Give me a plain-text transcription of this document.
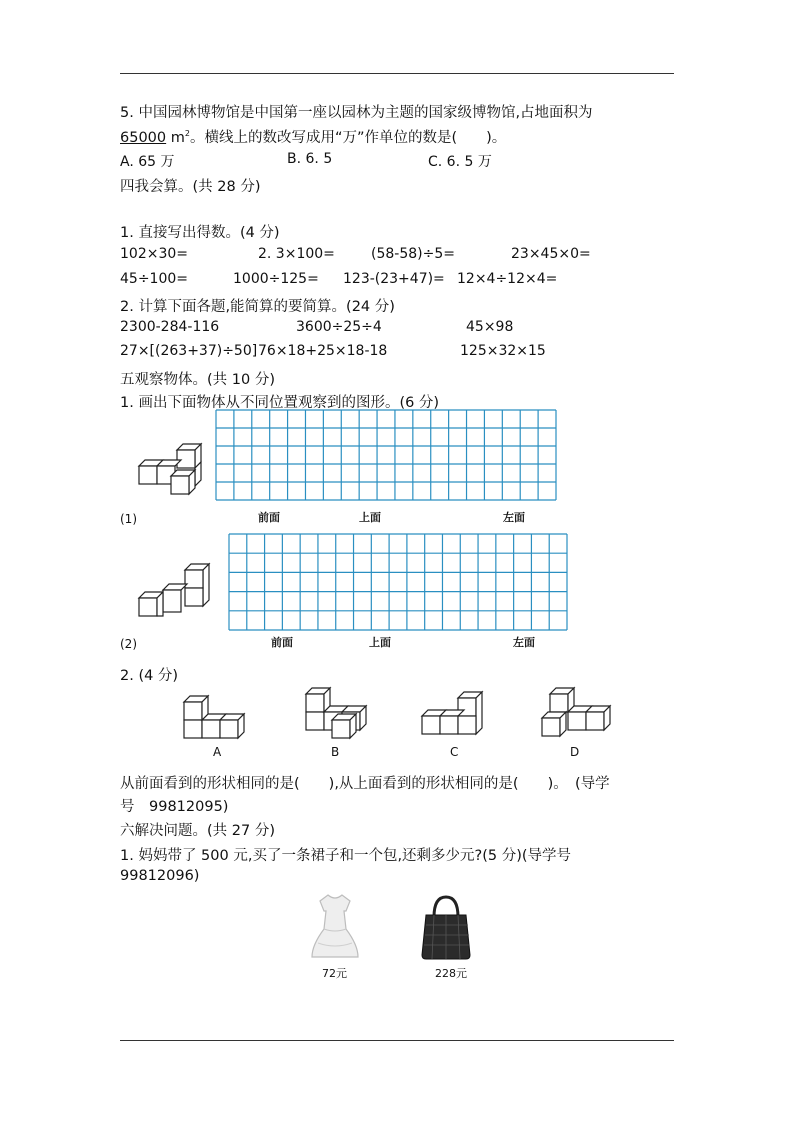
5. 中国园林博物馆是中国第一座以园林为主题的国家级博物馆,占地面积为
65000 $m^2$。横线上的数改写成用“万”作单位的数是(　　)。
A. 65 万	B. 6. 5	C. 6. 5 万
四我会算。(共 28 分)
1. 直接写出得数。(4 分)
102×30=	2. 3×100=	(58-58)÷5=	23×45×0=
45÷100=	1000÷125= 123-(23+47)= 12×4÷12×4=
2. 计算下面各题,能简算的要简算。(24 分)
2300-284-116	3600÷25÷4	45×98
27×[(263+37)÷50] 76×18+25×18-18	125×32×15
五观察物体。(共 10 分)
1. 画出下面物体从不同位置观察到的图形。(6 分)
(1)	前面	上面	左面
(2)	前面	上面	左面
2. (4 分)
A	B	C	D
从前面看到的形状相同的是(　　),从上面看到的形状相同的是(　　)。　(导学
号　99812095)
六解决问题。(共 27 分)
1. 妈妈带了 500 元,买了一条裙子和一个包,还剩多少元?(5 分)(导学号
99812096)
72元	228元
